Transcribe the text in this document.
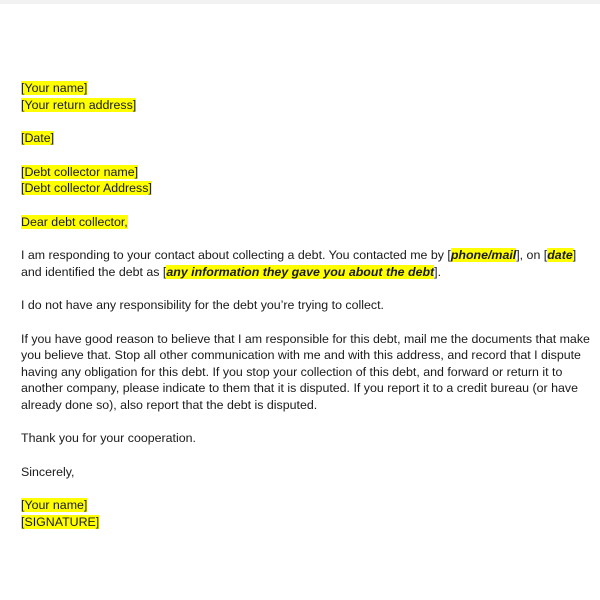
[Your name]

[Your return address]

[Date]

[Debt collector name]

[Debt collector Address]

Dear debt collector,

I am responding to your contact about collecting a debt. You contacted me by [phone/mail], on [date]

and identified the debt as [any information they gave you about the debt].

I do not have any responsibility for the debt you’re trying to collect.

If you have good reason to believe that I am responsible for this debt, mail me the documents that make

you believe that. Stop all other communication with me and with this address, and record that I dispute

having any obligation for this debt. If you stop your collection of this debt, and forward or return it to

another company, please indicate to them that it is disputed. If you report it to a credit bureau (or have

already done so), also report that the debt is disputed.

Thank you for your cooperation.

Sincerely,

[Your name]

[SIGNATURE]
